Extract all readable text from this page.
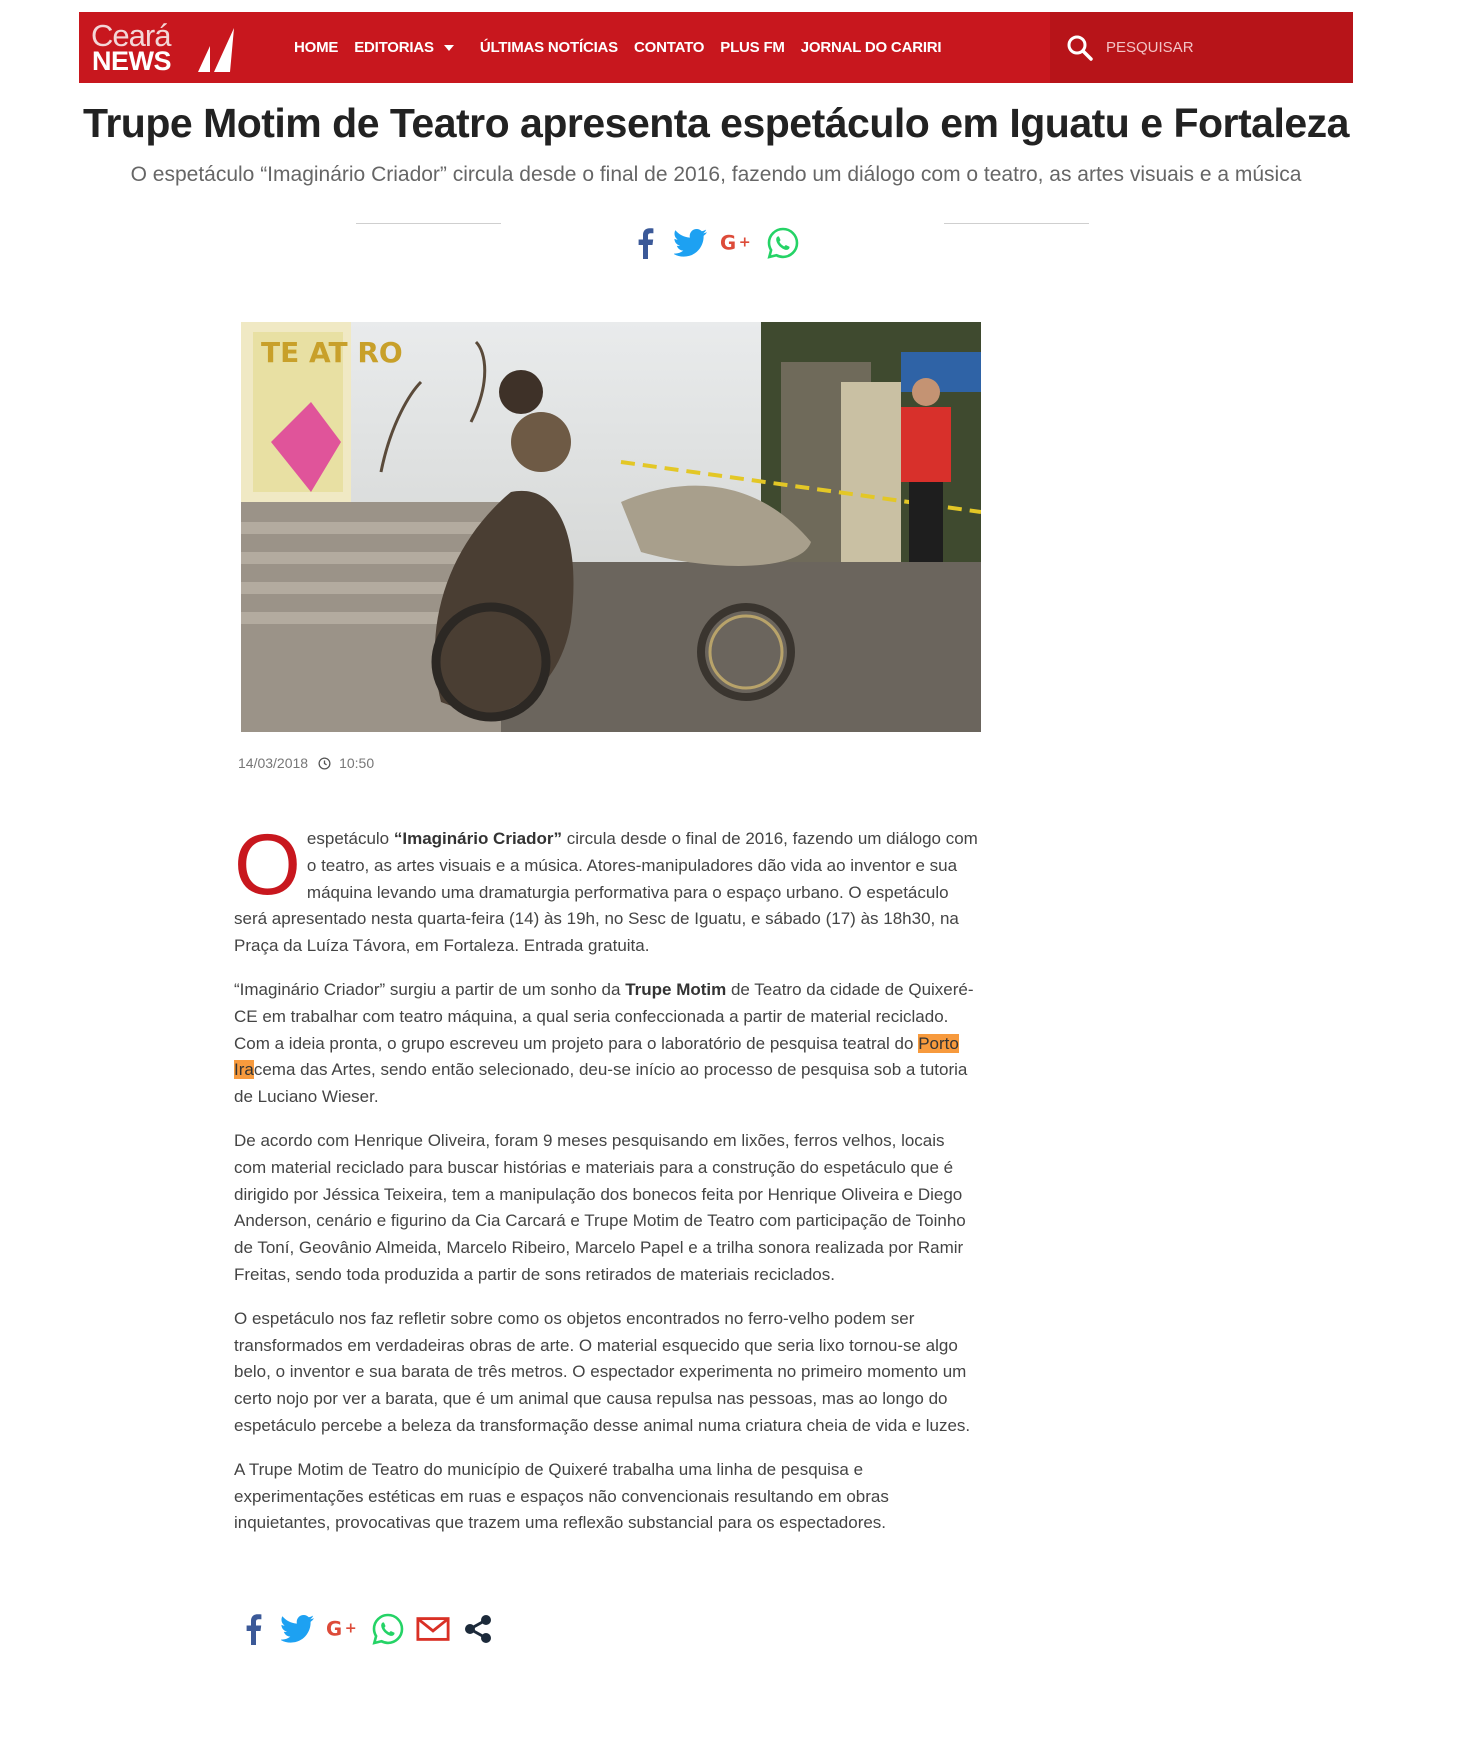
Ceará
NEWS	HOME EDITORIAS	ÚLTIMAS NOTÍCIAS CONTATO PLUS FM JORNAL DO CARIRI
PESQUISAR
Trupe Motim de Teatro apresenta espetáculo em Iguatu e Fortaleza

O espetáculo “Imaginário Criador” circula desde o final de 2016, fazendo um diálogo com o teatro, as artes visuais e a música

G +
TE AT RO
14/03/2018 10:50

O espetáculo “Imaginário Criador” circula desde o final de 2016, fazendo um diálogo com o teatro, as artes visuais e a música. Atores-manipuladores dão vida ao inventor e sua máquina levando uma dramaturgia performativa para o espaço urbano. O espetáculo será apresentado nesta quarta-feira (14) às 19h, no Sesc de Iguatu, e sábado (17) às 18h30, na Praça da Luíza Távora, em Fortaleza. Entrada gratuita.

“Imaginário Criador” surgiu a partir de um sonho da Trupe Motim de Teatro da cidade de Quixeré-CE em trabalhar com teatro máquina, a qual seria confeccionada a partir de material reciclado. Com a ideia pronta, o grupo escreveu um projeto para o laboratório de pesquisa teatral do Porto Iracema das Artes, sendo então selecionado, deu-se início ao processo de pesquisa sob a tutoria de Luciano Wieser.

De acordo com Henrique Oliveira, foram 9 meses pesquisando em lixões, ferros velhos, locais com material reciclado para buscar histórias e materiais para a construção do espetáculo que é dirigido por Jéssica Teixeira, tem a manipulação dos bonecos feita por Henrique Oliveira e Diego Anderson, cenário e figurino da Cia Carcará e Trupe Motim de Teatro com participação de Toinho de Toní, Geovânio Almeida, Marcelo Ribeiro, Marcelo Papel e a trilha sonora realizada por Ramir Freitas, sendo toda produzida a partir de sons retirados de materiais reciclados.

O espetáculo nos faz refletir sobre como os objetos encontrados no ferro-velho podem ser transformados em verdadeiras obras de arte. O material esquecido que seria lixo tornou-se algo belo, o inventor e sua barata de três metros. O espectador experimenta no primeiro momento um certo nojo por ver a barata, que é um animal que causa repulsa nas pessoas, mas ao longo do espetáculo percebe a beleza da transformação desse animal numa criatura cheia de vida e luzes.

A Trupe Motim de Teatro do município de Quixeré trabalha uma linha de pesquisa e experimentações estéticas em ruas e espaços não convencionais resultando em obras inquietantes, provocativas que trazem uma reflexão substancial para os espectadores.

G +
